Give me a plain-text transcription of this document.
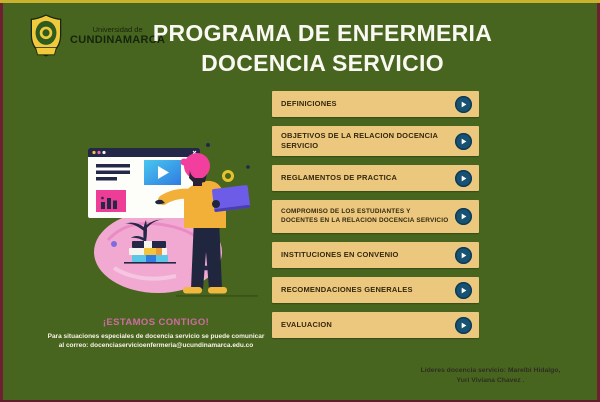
Universidad de
CUNDINAMARCA
PROGRAMA DE ENFERMERIA
DOCENCIA SERVICIO
DEFINICIONES
OBJETIVOS DE LA RELACION DOCENCIA SERVICIO
REGLAMENTOS DE PRACTICA
COMPROMISO DE LOS ESTUDIANTES Y DOCENTES EN LA RELACION DOCENCIA SERVICIO
INSTITUCIONES EN CONVENIO
RECOMENDACIONES GENERALES
EVALUACION
¡ESTAMOS CONTIGO!
Para situaciones especiales de docencia servicio se puede comunicar
al correo: docenciaservicioenfermeria@ucundinamarca.edu.co
Lideres docencia servicio: Marelbi Hidalgo,
Yuri Viviana Chavez .
